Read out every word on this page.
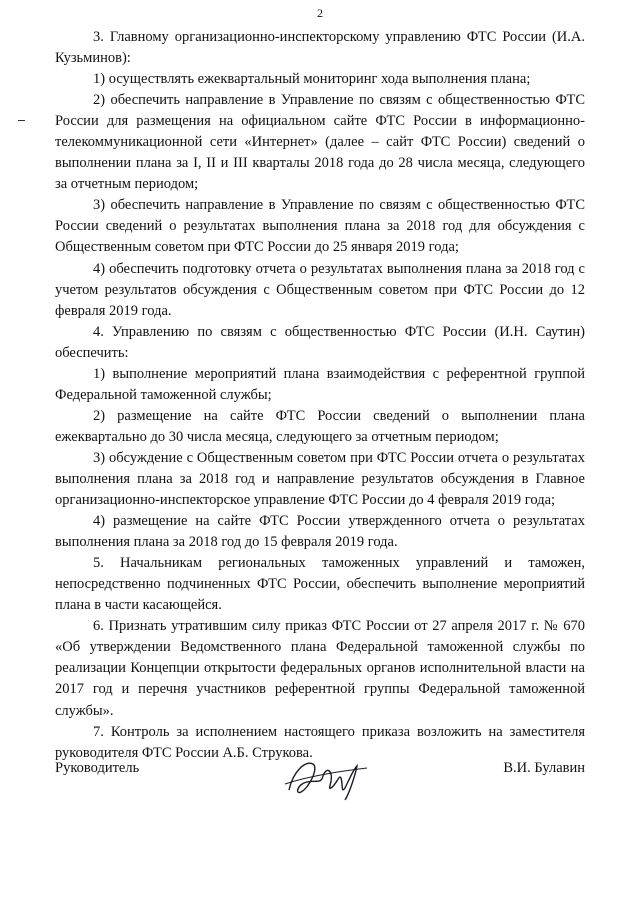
2

3. Главному организационно-инспекторскому управлению ФТС России (И.А. Кузьминов):

1) осуществлять ежеквартальный мониторинг хода выполнения плана;

2) обеспечить направление в Управление по связям с общественностью ФТС России для размещения на официальном сайте ФТС России в информационно-телекоммуникационной сети «Интернет» (далее – сайт ФТС России) сведений о выполнении плана за I, II и III кварталы 2018 года до 28 числа месяца, следующего за отчетным периодом;

3) обеспечить направление в Управление по связям с общественностью ФТС России сведений о результатах выполнения плана за 2018 год для обсуждения с Общественным советом при ФТС России до 25 января 2019 года;

4) обеспечить подготовку отчета о результатах выполнения плана за 2018 год с учетом результатов обсуждения с Общественным советом при ФТС России до 12 февраля 2019 года.

4. Управлению по связям с общественностью ФТС России (И.Н. Саутин) обеспечить:

1) выполнение мероприятий плана взаимодействия с референтной группой Федеральной таможенной службы;

2) размещение на сайте ФТС России сведений о выполнении плана ежеквартально до 30 числа месяца, следующего за отчетным периодом;

3) обсуждение с Общественным советом при ФТС России отчета о результатах выполнения плана за 2018 год и направление результатов обсуждения в Главное организационно-инспекторское управление ФТС России до 4 февраля 2019 года;

4) размещение на сайте ФТС России утвержденного отчета о результатах выполнения плана за 2018 год до 15 февраля 2019 года.

5. Начальникам региональных таможенных управлений и таможен, непосредственно подчиненных ФТС России, обеспечить выполнение мероприятий плана в части касающейся.

6. Признать утратившим силу приказ ФТС России от 27 апреля 2017 г. № 670 «Об утверждении Ведомственного плана Федеральной таможенной службы по реализации Концепции открытости федеральных органов исполнительной власти на 2017 год и перечня участников референтной группы Федеральной таможенной службы».

7. Контроль за исполнением настоящего приказа возложить на заместителя руководителя ФТС России А.Б. Струкова.

Руководитель	В.И. Булавин
